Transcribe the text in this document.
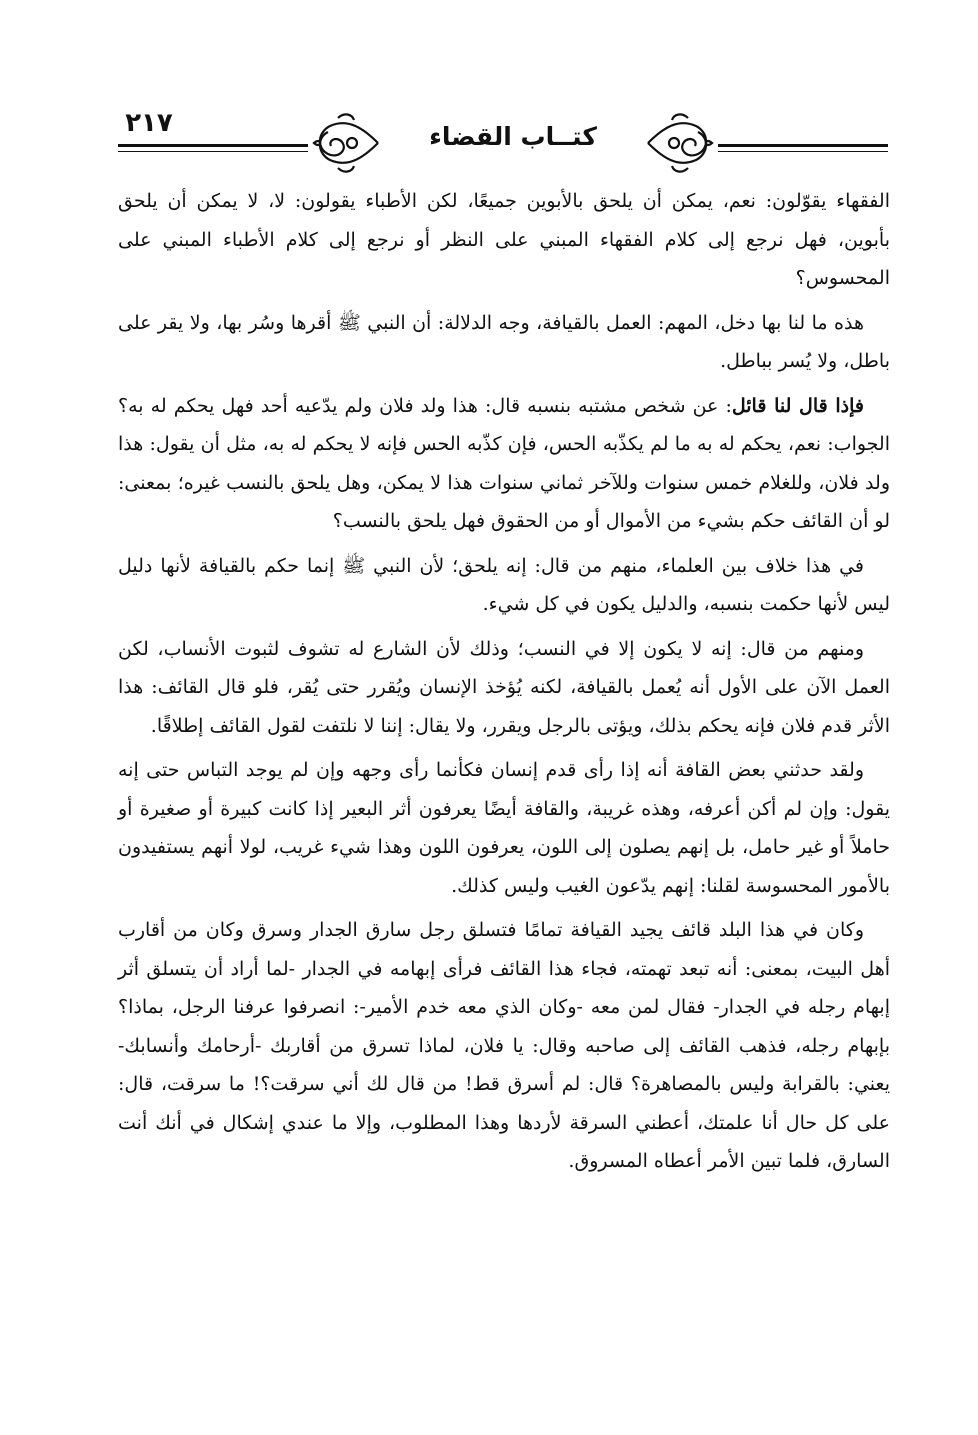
٢١٧	كتــاب القضاء

الفقهاء يقوّلون: نعم، يمكن أن يلحق بالأبوين جميعًا، لكن الأطباء يقولون: لا، لا يمكن أن يلحق بأبوين، فهل نرجع إلى كلام الفقهاء المبني على النظر أو نرجع إلى كلام الأطباء المبني على المحسوس؟

هذه ما لنا بها دخل، المهم: العمل بالقيافة، وجه الدلالة: أن النبي ﷺ أقرها وسُر بها، ولا يقر على باطل، ولا يُسر بباطل.

فإذا قال لنا قائل: عن شخص مشتبه بنسبه قال: هذا ولد فلان ولم يدّعيه أحد فهل يحكم له به؟ الجواب: نعم، يحكم له به ما لم يكذّبه الحس، فإن كذّبه الحس فإنه لا يحكم له به، مثل أن يقول: هذا ولد فلان، وللغلام خمس سنوات وللآخر ثماني سنوات هذا لا يمكن، وهل يلحق بالنسب غيره؛ بمعنى: لو أن القائف حكم بشيء من الأموال أو من الحقوق فهل يلحق بالنسب؟

في هذا خلاف بين العلماء، منهم من قال: إنه يلحق؛ لأن النبي ﷺ إنما حكم بالقيافة لأنها دليل ليس لأنها حكمت بنسبه، والدليل يكون في كل شيء.

ومنهم من قال: إنه لا يكون إلا في النسب؛ وذلك لأن الشارع له تشوف لثبوت الأنساب، لكن العمل الآن على الأول أنه يُعمل بالقيافة، لكنه يُؤخذ الإنسان ويُقرر حتى يُقر، فلو قال القائف: هذا الأثر قدم فلان فإنه يحكم بذلك، ويؤتى بالرجل ويقرر، ولا يقال: إننا لا نلتفت لقول القائف إطلاقًا.

ولقد حدثني بعض القافة أنه إذا رأى قدم إنسان فكأنما رأى وجهه وإن لم يوجد التباس حتى إنه يقول: وإن لم أكن أعرفه، وهذه غريبة، والقافة أيضًا يعرفون أثر البعير إذا كانت كبيرة أو صغيرة أو حاملاً أو غير حامل، بل إنهم يصلون إلى اللون، يعرفون اللون وهذا شيء غريب، لولا أنهم يستفيدون بالأمور المحسوسة لقلنا: إنهم يدّعون الغيب وليس كذلك.

وكان في هذا البلد قائف يجيد القيافة تمامًا فتسلق رجل سارق الجدار وسرق وكان من أقارب أهل البيت، بمعنى: أنه تبعد تهمته، فجاء هذا القائف فرأى إبهامه في الجدار -لما أراد أن يتسلق أثر إبهام رجله في الجدار- فقال لمن معه -وكان الذي معه خدم الأمير-: انصرفوا عرفنا الرجل، بماذا؟ بإبهام رجله، فذهب القائف إلى صاحبه وقال: يا فلان، لماذا تسرق من أقاربك -أرحامك وأنسابك- يعني: بالقرابة وليس بالمصاهرة؟ قال: لم أسرق قط! من قال لك أني سرقت؟! ما سرقت، قال: على كل حال أنا علمتك، أعطني السرقة لأردها وهذا المطلوب، وإلا ما عندي إشكال في أنك أنت السارق، فلما تبين الأمر أعطاه المسروق.
